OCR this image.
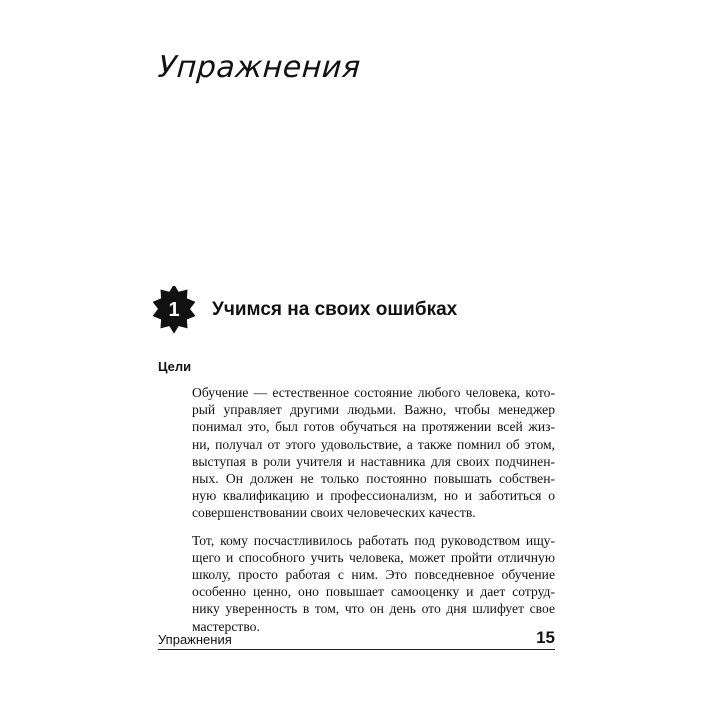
Упражнения
1	Учимся на своих ошибках
Цели

Обучение — естественное состояние любого человека, кото-
рый управляет другими людьми. Важно, чтобы менеджер
понимал это, был готов обучаться на протяжении всей жиз-
ни, получал от этого удовольствие, а также помнил об этом,
выступая в роли учителя и наставника для своих подчинен-
ных. Он должен не только постоянно повышать собствен-
ную квалификацию и профессионализм, но и заботиться о
совершенствовании своих человеческих качеств.

Тот, кому посчастливилось работать под руководством ищу-
щего и способного учить человека, может пройти отличную
школу, просто работая с ним. Это повседневное обучение
особенно ценно, оно повышает самооценку и дает сотруд-
нику уверенность в том, что он день ото дня шлифует свое
мастерство.

Упражнения	15
